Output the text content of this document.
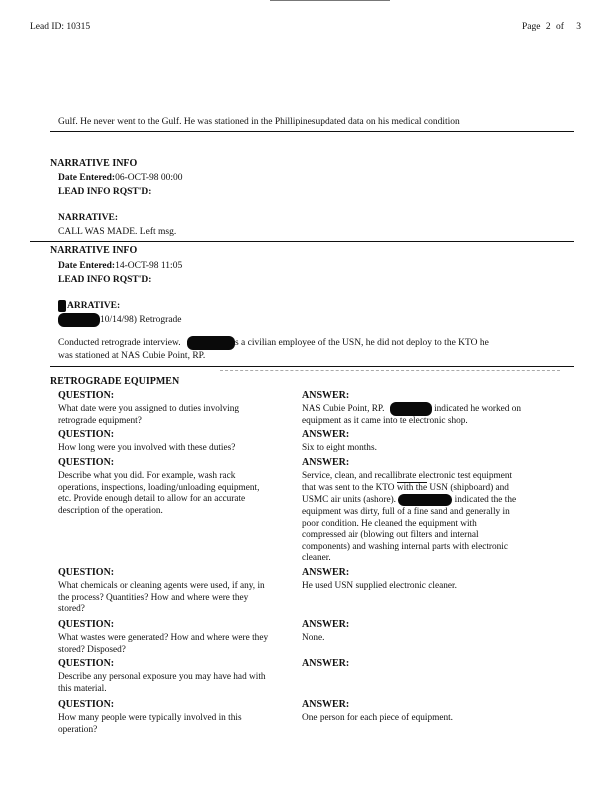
Lead ID: 10315	Page 2 of 3
Gulf. He never went to the Gulf. He was stationed in the Phillipinesupdated data on his medical condition
NARRATIVE INFO
Date Entered:06-OCT-98 00:00
LEAD INFO RQST'D:
NARRATIVE:
CALL WAS MADE. Left msg.
NARRATIVE INFO
Date Entered:14-OCT-98 11:05
LEAD INFO RQST'D:
ARRATIVE:
10/14/98) Retrograde
Conducted retrograde interview.	s a civilian employee of the USN, he did not deploy to the KTO he
was stationed at NAS Cubie Point, RP.
RETROGRADE EQUIPMEN
QUESTION:
What date were you assigned to duties involving
retrograde equipment?
ANSWER:
NAS Cubie Point, RP.	indicated he worked on
equipment as it came into te electronic shop.
QUESTION:
How long were you involved with these duties?
ANSWER:
Six to eight months.
QUESTION:
Describe what you did. For example, wash rack
operations, inspections, loading/unloading equipment,
etc. Provide enough detail to allow for an accurate
description of the operation.
ANSWER:
Service, clean, and recallibrate electronic test equipment
that was sent to the KTO with the USN (shipboard) and
USMC air units (ashore).	indicated the the
equipment was dirty, full of a fine sand and generally in
poor condition. He cleaned the equipment with
compressed air (blowing out filters and internal
components) and washing internal parts with electronic
cleaner.
QUESTION:
What chemicals or cleaning agents were used, if any, in
the process? Quantities? How and where were they
stored?
ANSWER:
He used USN supplied electronic cleaner.
QUESTION:
What wastes were generated? How and where were they
stored? Disposed?
ANSWER:
None.
QUESTION:
Describe any personal exposure you may have had with
this material.
ANSWER:
QUESTION:
How many people were typically involved in this
operation?
ANSWER:
One person for each piece of equipment.
